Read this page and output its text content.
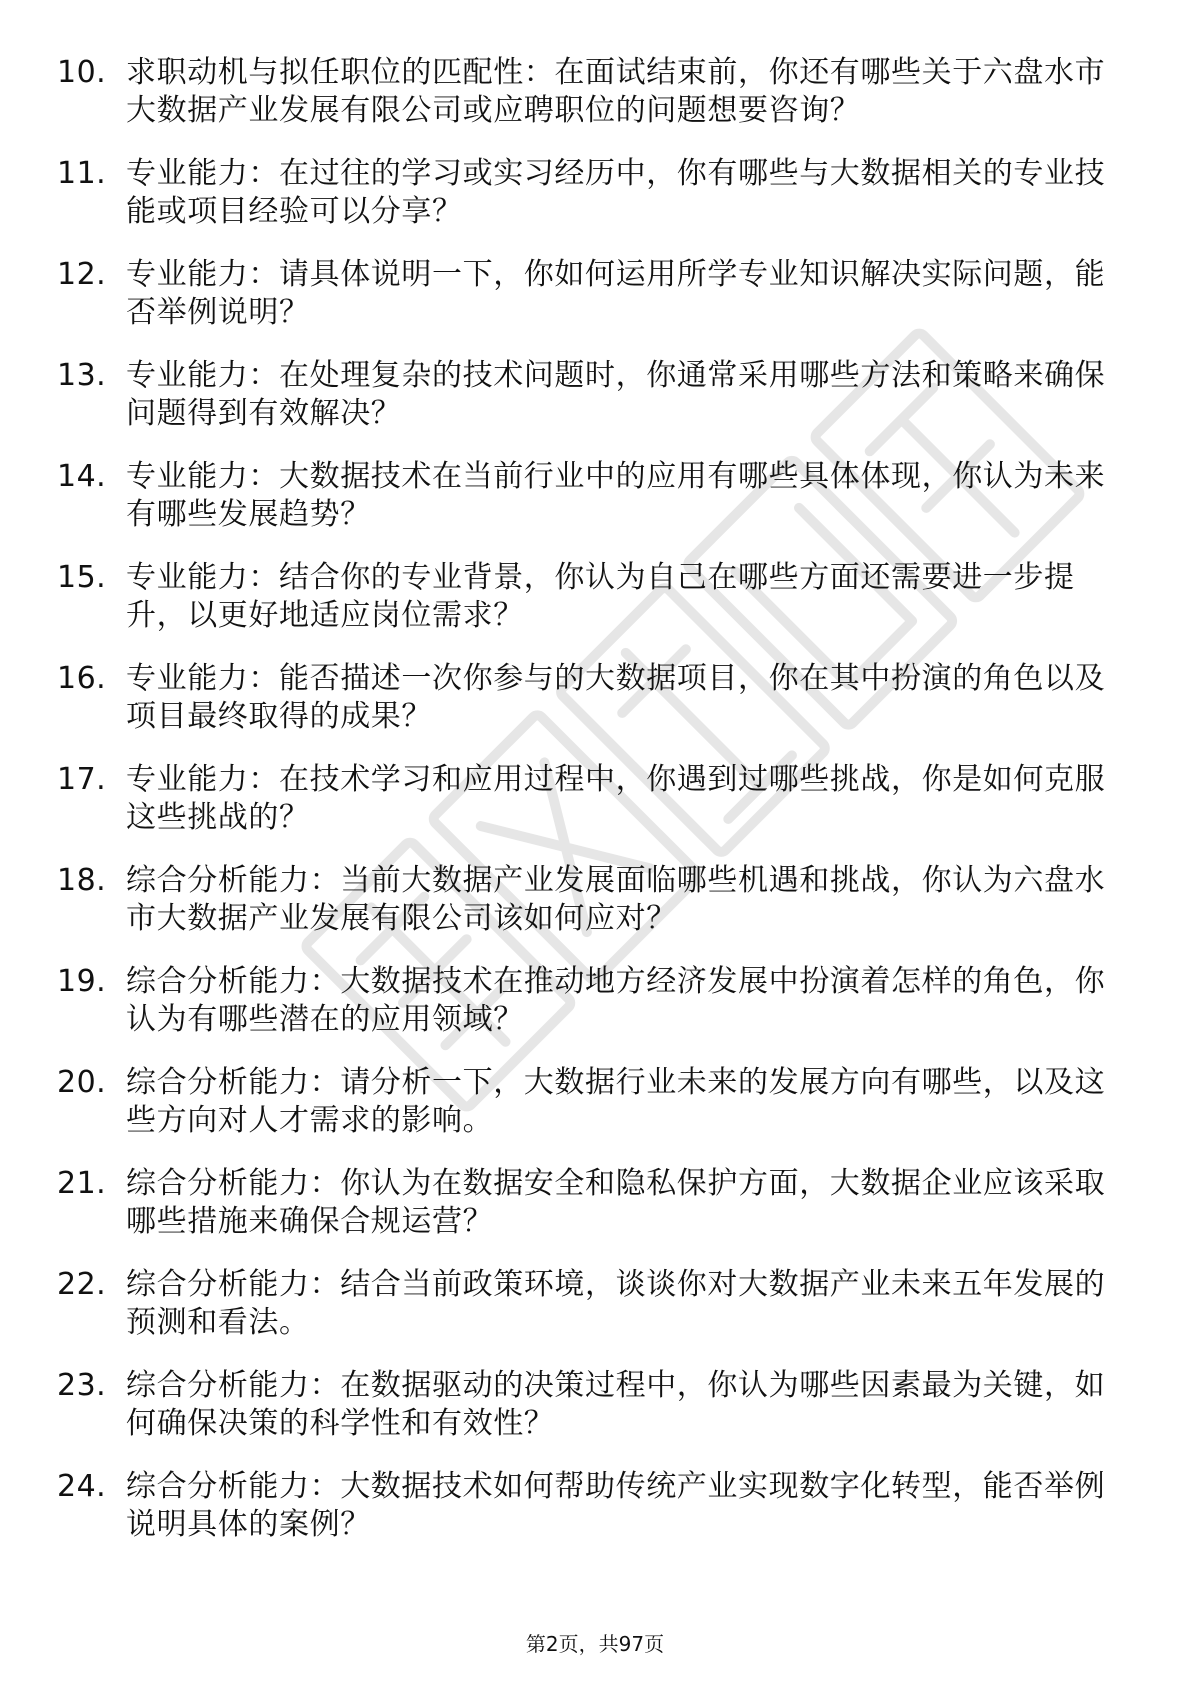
10. 求职动机与拟任职位的匹配性：在面试结束前，你还有哪些关于六盘水市大数据产业发展有限公司或应聘职位的问题想要咨询？
11. 专业能力：在过往的学习或实习经历中，你有哪些与大数据相关的专业技能或项目经验可以分享？
12. 专业能力：请具体说明一下，你如何运用所学专业知识解决实际问题，能否举例说明？
13. 专业能力：在处理复杂的技术问题时，你通常采用哪些方法和策略来确保问题得到有效解决？
14. 专业能力：大数据技术在当前行业中的应用有哪些具体体现，你认为未来有哪些发展趋势？
15. 专业能力：结合你的专业背景，你认为自己在哪些方面还需要进一步提升，以更好地适应岗位需求？
16. 专业能力：能否描述一次你参与的大数据项目，你在其中扮演的角色以及项目最终取得的成果？
17. 专业能力：在技术学习和应用过程中，你遇到过哪些挑战，你是如何克服这些挑战的？
18. 综合分析能力：当前大数据产业发展面临哪些机遇和挑战，你认为六盘水市大数据产业发展有限公司该如何应对？
19. 综合分析能力：大数据技术在推动地方经济发展中扮演着怎样的角色，你认为有哪些潜在的应用领域？
20. 综合分析能力：请分析一下，大数据行业未来的发展方向有哪些，以及这些方向对人才需求的影响。
21. 综合分析能力：你认为在数据安全和隐私保护方面，大数据企业应该采取哪些措施来确保合规运营？
22. 综合分析能力：结合当前政策环境，谈谈你对大数据产业未来五年发展的预测和看法。
23. 综合分析能力：在数据驱动的决策过程中，你认为哪些因素最为关键，如何确保决策的科学性和有效性？
24. 综合分析能力：大数据技术如何帮助传统产业实现数字化转型，能否举例说明具体的案例？
第2页，共97页
